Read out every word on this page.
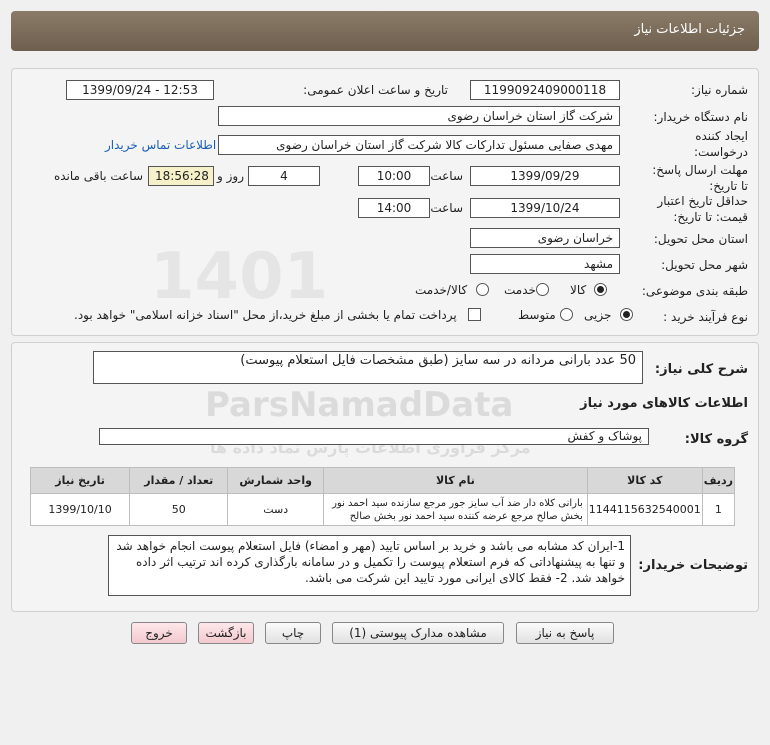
جزئیات اطلاعات نیاز
شماره نیاز:
1199092409000118
تاریخ و ساعت اعلان عمومی:
1399/09/24 - 12:53
نام دستگاه خریدار:
شرکت گاز استان خراسان رضوی
ایجاد کننده
درخواست:
مهدی صفایی مسئول تدارکات کالا شرکت گاز استان خراسان رضوی
اطلاعات تماس خریدار
مهلت ارسال پاسخ:
تا تاریخ:
1399/09/29
ساعت
10:00
4
روز و
18:56:28
ساعت باقی مانده
حداقل تاریخ اعتبار
قیمت: تا تاریخ:
1399/10/24
ساعت
14:00
استان محل تحویل:
خراسان رضوی
شهر محل تحویل:
مشهد
طبقه بندی موضوعی:
کالا
خدمت
کالا/خدمت
نوع فرآیند خرید :
جزیی
متوسط
پرداخت تمام یا بخشی از مبلغ خرید،از محل "اسناد خزانه اسلامی" خواهد بود.
شرح کلی نیاز:
50 عدد بارانی مردانه در سه سایز (طبق مشخصات فایل استعلام پیوست)
اطلاعات کالاهای مورد نیاز
گروه کالا:
پوشاک و کفش
ردیف	کد کالا	نام کالا	واحد شمارش	تعداد / مقدار	تاریخ نیاز
1	1144115632540001	بارانی کلاه دار ضد آب سایز جور مرجع سازنده سید احمد نور بخش صالح مرجع عرضه کننده سید احمد نور بخش صالح	دست	50	1399/10/10
توضیحات خریدار:
1-ایران کد مشابه می باشد و خرید بر اساس تایید (مهر و امضاء) فایل استعلام پیوست انجام خواهد شد و تنها به پیشنهاداتی که فرم استعلام پیوست را تکمیل و در سامانه بارگذاری کرده اند ترتیب اثر داده خواهد شد. 2- فقط کالای ایرانی مورد تایید این شرکت می باشد.
پاسخ به نیاز
مشاهده مدارک پیوستی (1)
چاپ
بازگشت
خروج
